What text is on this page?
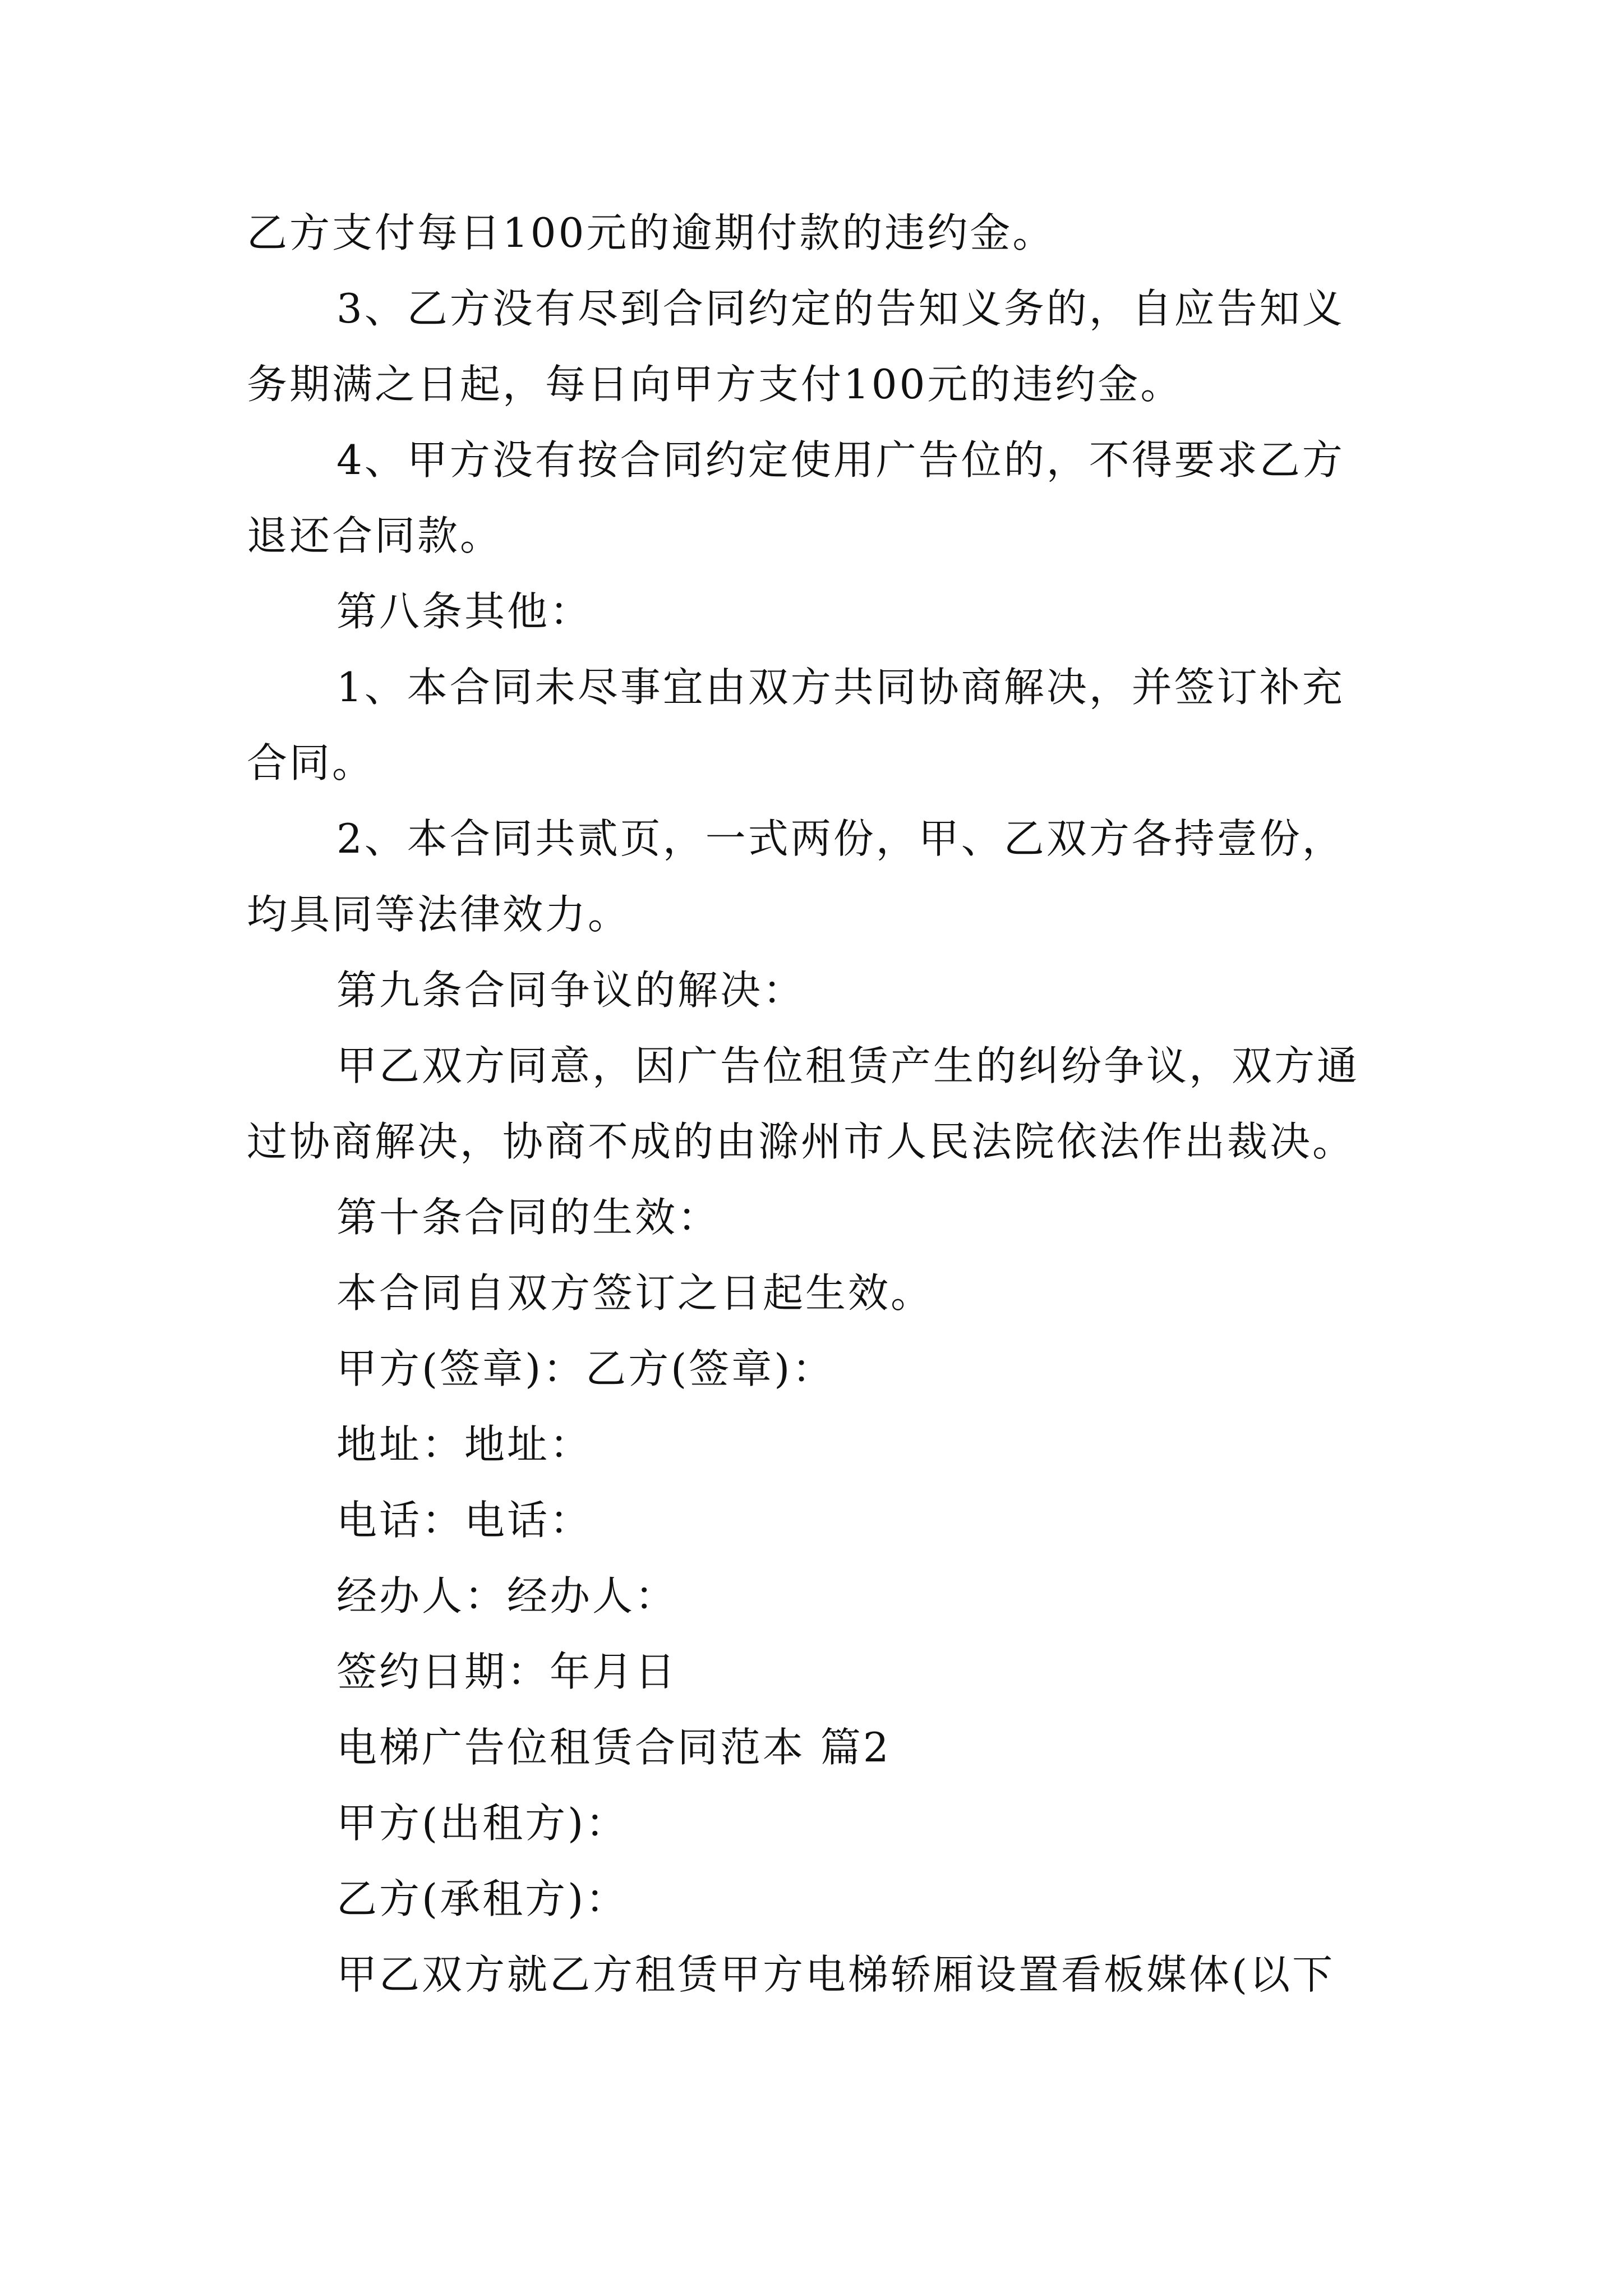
乙方支付每日100元的逾期付款的违约金。
3、乙方没有尽到合同约定的告知义务的，自应告知义
务期满之日起，每日向甲方支付100元的违约金。
4、甲方没有按合同约定使用广告位的，不得要求乙方
退还合同款。
第八条其他：
1、本合同未尽事宜由双方共同协商解决，并签订补充
合同。
2、本合同共贰页，一式两份，甲、乙双方各持壹份，
均具同等法律效力。
第九条合同争议的解决：
甲乙双方同意，因广告位租赁产生的纠纷争议，双方通
过协商解决，协商不成的由滁州市人民法院依法作出裁决。
第十条合同的生效：
本合同自双方签订之日起生效。
甲方(签章)：乙方(签章)：
地址：地址：
电话：电话：
经办人：经办人：
签约日期：年月日
电梯广告位租赁合同范本 篇2
甲方(出租方)：
乙方(承租方)：
甲乙双方就乙方租赁甲方电梯轿厢设置看板媒体(以下
